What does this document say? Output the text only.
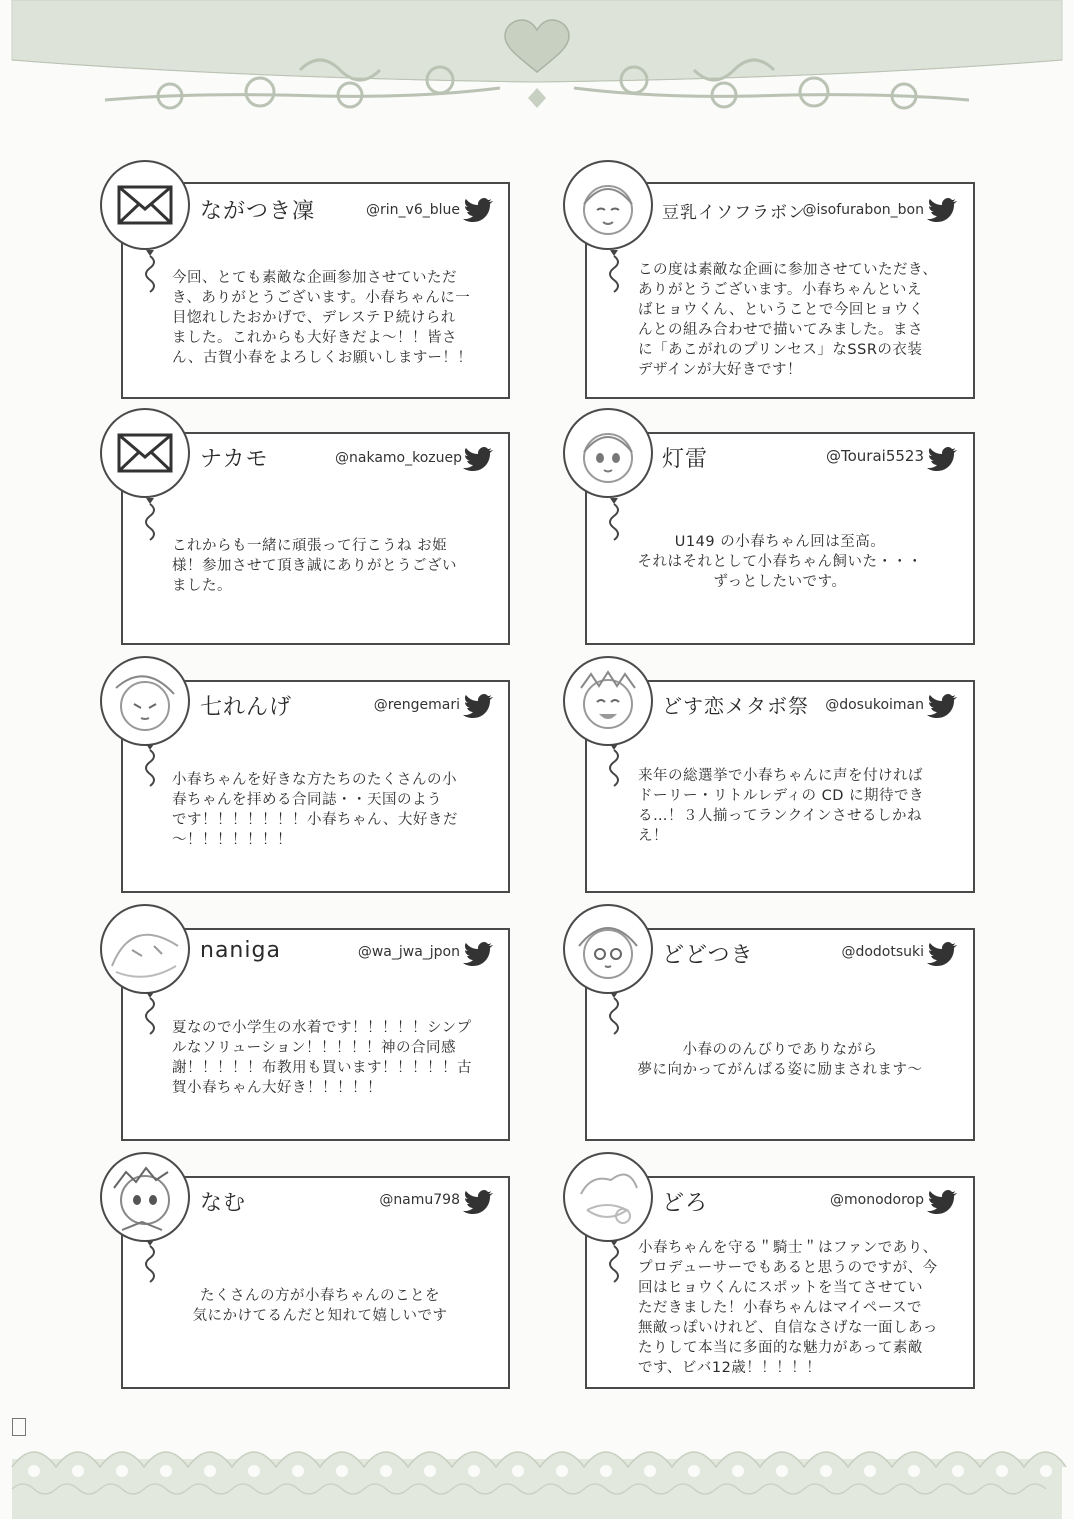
ながつき凜	@rin_v6_blue
今回、とても素敵な企画参加させていただ
き、ありがとうございます。小春ちゃんに一
目惚れしたおかげで、デレステＰ続けられ
ました。これからも大好きだよ〜！！皆さ
ん、古賀小春をよろしくお願いしますー！！
豆乳イソフラボン
@isofurabon_bon
この度は素敵な企画に参加させていただき、
ありがとうございます。小春ちゃんといえ
ばヒョウくん、ということで今回ヒョウく
んとの組み合わせで描いてみました。まさ
に「あこがれのプリンセス」なSSRの衣装
デザインが大好きです！
ナカモ	@nakamo_kozuep
これからも一緒に頑張って行こうね お姫
様！参加させて頂き誠にありがとうござい
ました。
灯雷	@Tourai5523
U149 の小春ちゃん回は至高。
それはそれとして小春ちゃん飼いた・・・
ずっとしたいです。
七れんげ	@rengemari
小春ちゃんを好きな方たちのたくさんの小
春ちゃんを拝める合同誌・・天国のよう
です！！！！！！！小春ちゃん、大好きだ
〜！！！！！！！
どす恋メタボ祭	@dosukoiman
来年の総選挙で小春ちゃんに声を付ければ
ドーリー・リトルレディの CD に期待でき
る…！３人揃ってランクインさせるしかね
え！
naniga	@wa_jwa_jpon
夏なので小学生の水着です！！！！！シンプ
ルなソリューション！！！！！神の合同感
謝！！！！！布教用も買います！！！！！古
賀小春ちゃん大好き！！！！！
どどつき	@dodotsuki
小春ののんびりでありながら
夢に向かってがんばる姿に励まされます〜
なむ	@namu798
たくさんの方が小春ちゃんのことを
気にかけてるんだと知れて嬉しいです
どろ	@monodorop
小春ちゃんを守る＂騎士＂はファンであり、
プロデューサーでもあると思うのですが、今
回はヒョウくんにスポットを当てさせてい
ただきました！小春ちゃんはマイペースで
無敵っぽいけれど、自信なさげな一面しあっ
たりして本当に多面的な魅力があって素敵
です、ビバ12歳！！！！！
